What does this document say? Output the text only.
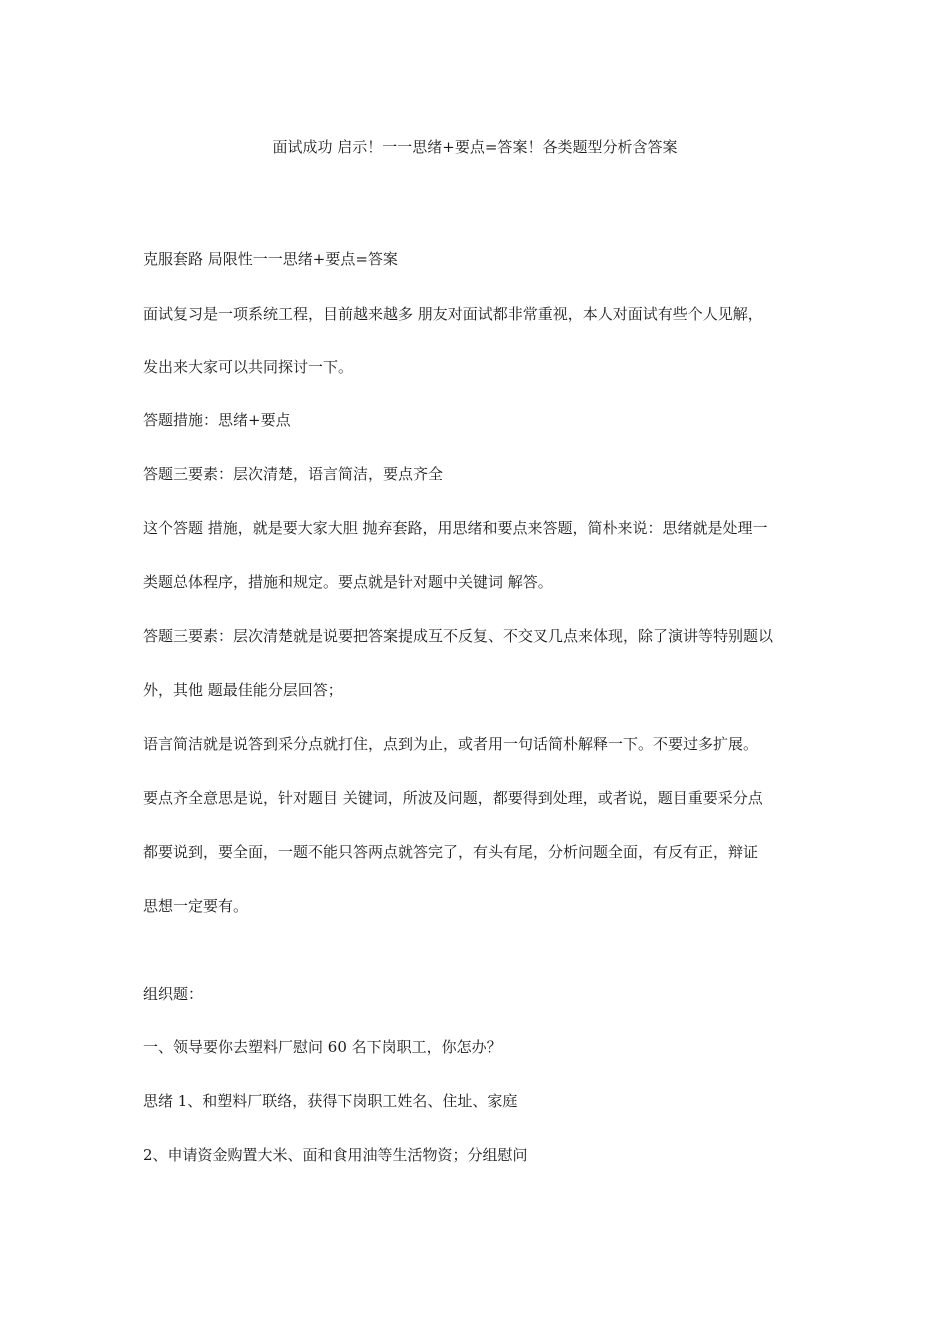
面试成功 启示！一一思绪+要点=答案！各类题型分析含答案
克服套路 局限性一一思绪+要点=答案
面试复习是一项系统工程，目前越来越多 朋友对面试都非常重视，本人对面试有些个人见解，
发出来大家可以共同探讨一下。
答题措施：思绪+要点
答题三要素：层次清楚，语言简洁，要点齐全
这个答题 措施，就是要大家大胆 抛弃套路，用思绪和要点来答题，简朴来说：思绪就是处理一
类题总体程序，措施和规定。要点就是针对题中关键词 解答。
答题三要素：层次清楚就是说要把答案提成互不反复、不交叉几点来体现，除了演讲等特别题以
外，其他 题最佳能分层回答；
语言简洁就是说答到采分点就打住，点到为止，或者用一句话简朴解释一下。不要过多扩展。
要点齐全意思是说，针对题目 关键词，所波及问题，都要得到处理，或者说，题目重要采分点
都要说到，要全面，一题不能只答两点就答完了，有头有尾，分析问题全面，有反有正，辩证
思想一定要有。
组织题：
一、领导要你去塑料厂慰问 60 名下岗职工，你怎办？
思绪 1、和塑料厂联络，获得下岗职工姓名、住址、家庭
2、申请资金购置大米、面和食用油等生活物资；分组慰问
